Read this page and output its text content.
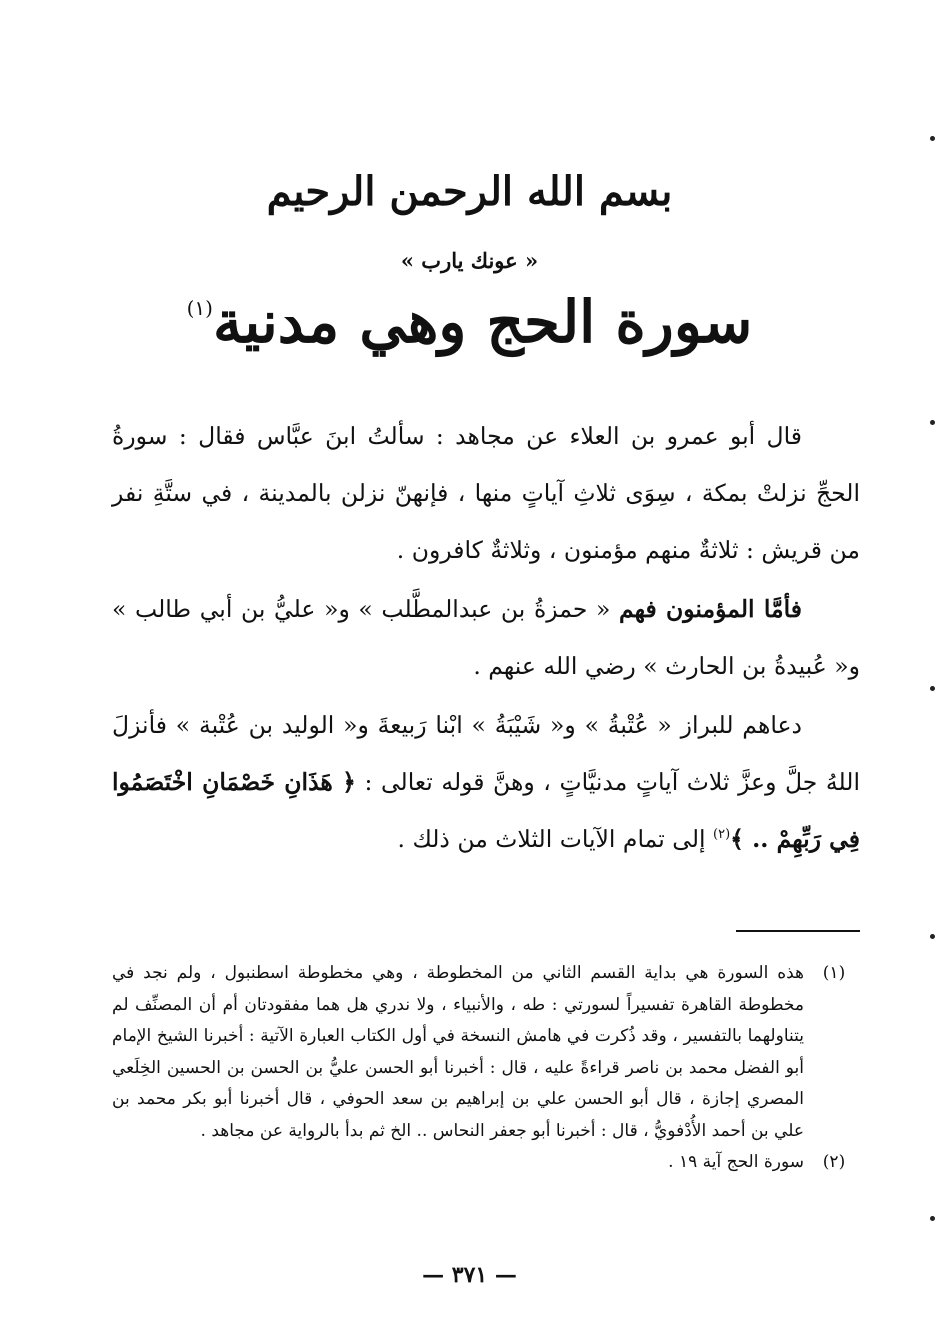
بسم الله الرحمن الرحيم
« عونك يارب »
سورة الحج وهي مدنية$^{(١)}$

قال أبو عمرو بن العلاء عن مجاهد : سألتُ ابنَ عبَّاس فقال : سورةُ الحجِّ نزلتْ بمكة ، سِوَى ثلاثِ آياتٍ منها ، فإنهنّ نزلن بالمدينة ، في ستَّةِ نفر من قريش : ثلاثةٌ منهم مؤمنون ، وثلاثةٌ كافرون .

فأمَّا المؤمنون فهم « حمزةُ بن عبدالمطَّلب » و« عليُّ بن أبي طالب » و« عُبيدةُ بن الحارث » رضي الله عنهم .

دعاهم للبراز « عُتْبةُ » و« شَيْبَةُ » ابْنا رَبيعةَ و« الوليد بن عُتْبة » فأنزلَ اللهُ جلَّ وعزَّ ثلاث آياتٍ مدنيَّاتٍ ، وهنَّ قوله تعالى : ﴿ هَذَانِ خَصْمَانِ اخْتَصَمُوا فِي رَبِّهِمْ .. ﴾$^{(٢)}$ إلى تمام الآيات الثلاث من ذلك .

(١)
هذه السورة هي بداية القسم الثاني من المخطوطة ، وهي مخطوطة اسطنبول ، ولم نجد في مخطوطة القاهرة تفسيراً لسورتي : طه ، والأنبياء ، ولا ندري هل هما مفقودتان أم أن المصنِّف لم يتناولهما بالتفسير ، وقد ذُكرت في هامش النسخة في أول الكتاب العبارة الآتية : أخبرنا الشيخ الإمام أبو الفضل محمد بن ناصر قراءةً عليه ، قال : أخبرنا أبو الحسن عليُّ بن الحسن بن الحسين الخِلَعي المصري إجازة ، قال أبو الحسن علي بن إبراهيم بن سعد الحوفي ، قال أخبرنا أبو بكر محمد بن علي بن أحمد الأُدْفويُّ ، قال : أخبرنا أبو جعفر النحاس .. الخ ثم بدأ بالرواية عن مجاهد .
(٢)
سورة الحج آية ١٩ .
— ٣٧١ —
